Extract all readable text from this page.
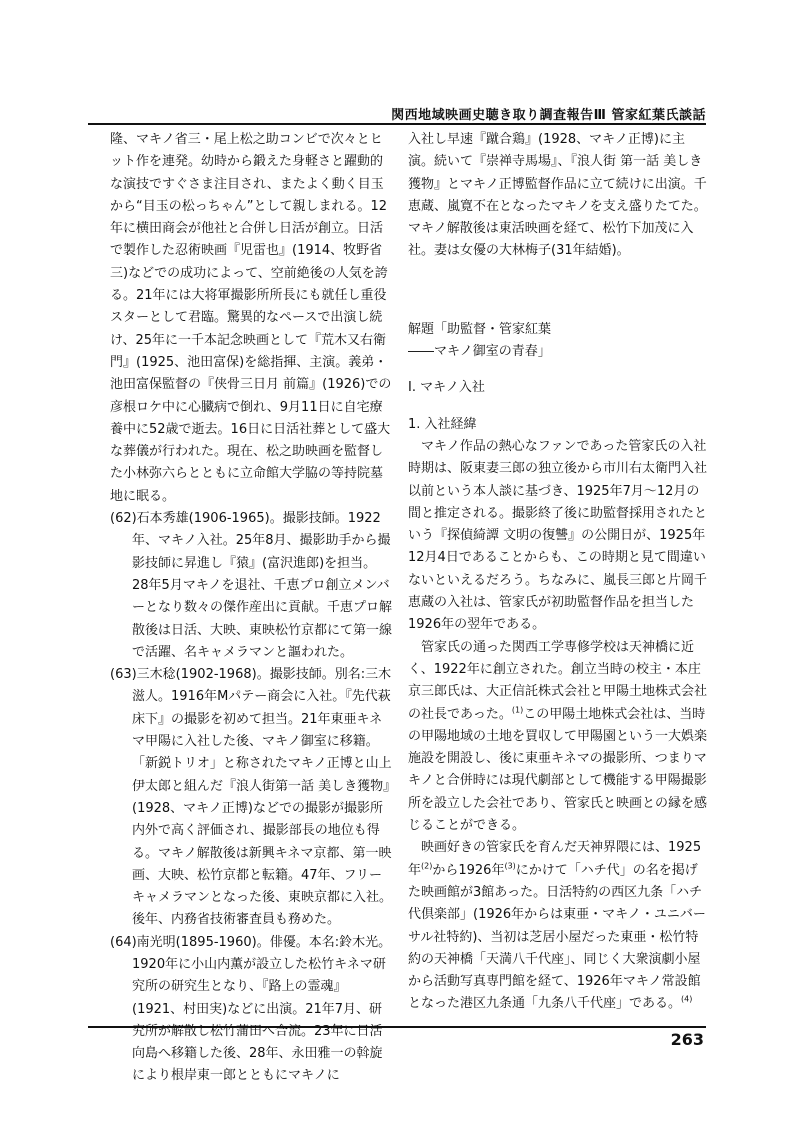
関西地域映画史聴き取り調査報告Ⅲ 管家紅葉氏談話

隆、マキノ省三・尾上松之助コンビで次々とヒット作を連発。幼時から鍛えた身軽さと躍動的な演技ですぐさま注目され、またよく動く目玉から“目玉の松っちゃん”として親しまれる。12年に横田商会が他社と合併し日活が創立。日活で製作した忍術映画『児雷也』(1914、牧野省三)などでの成功によって、空前絶後の人気を誇る。21年には大将軍撮影所所長にも就任し重役スターとして君臨。驚異的なペースで出演し続け、25年に一千本記念映画として『荒木又右衛門』(1925、池田富保)を総指揮、主演。義弟・池田富保監督の『侠骨三日月 前篇』(1926)での彦根ロケ中に心臓病で倒れ、9月11日に自宅療養中に52歳で逝去。16日に日活社葬として盛大な葬儀が行われた。現在、松之助映画を監督した小林弥六らとともに立命館大学脇の等持院墓地に眠る。

(62)石本秀雄(1906-1965)。撮影技師。1922年、マキノ入社。25年8月、撮影助手から撮影技師に昇進し『猿』(富沢進郎)を担当。28年5月マキノを退社、千恵プロ創立メンバーとなり数々の傑作産出に貢献。千恵プロ解散後は日活、大映、東映松竹京都にて第一線で活躍、名キャメラマンと謳われた。

(63)三木稔(1902-1968)。撮影技師。別名:三木滋人。1916年Mパテー商会に入社。『先代萩床下』の撮影を初めて担当。21年東亜キネマ甲陽に入社した後、マキノ御室に移籍。「新鋭トリオ」と称されたマキノ正博と山上伊太郎と組んだ『浪人街第一話 美しき獲物』(1928、マキノ正博)などでの撮影が撮影所内外で高く評価され、撮影部長の地位も得る。マキノ解散後は新興キネマ京都、第一映画、大映、松竹京都と転籍。47年、フリーキャメラマンとなった後、東映京都に入社。後年、内務省技術審査員も務めた。

(64)南光明(1895-1960)。俳優。本名:鈴木光。1920年に小山内薫が設立した松竹キネマ研究所の研究生となり、『路上の霊魂』(1921、村田実)などに出演。21年7月、研究所が解散し松竹蒲田へ合流。23年に日活向島へ移籍した後、28年、永田雅一の斡旋により根岸東一郎とともにマキノに

入社し早速『蹴合鶏』(1928、マキノ正博)に主演。続いて『崇禅寺馬場』、『浪人街 第一話 美しき獲物』とマキノ正博監督作品に立て続けに出演。千恵蔵、嵐寛不在となったマキノを支え盛りたてた。マキノ解散後は東活映画を経て、松竹下加茂に入社。妻は女優の大林梅子(31年結婚)。

解題「助監督・管家紅葉

――マキノ御室の青春」

Ⅰ. マキノ入社

1. 入社経緯

マキノ作品の熱心なファンであった管家氏の入社時期は、阪東妻三郎の独立後から市川右太衛門入社以前という本人談に基づき、1925年7月～12月の間と推定される。撮影終了後に助監督採用されたという『探偵綺譚 文明の復讐』の公開日が、1925年12月4日であることからも、この時期と見て間違いないといえるだろう。ちなみに、嵐長三郎と片岡千恵蔵の入社は、管家氏が初助監督作品を担当した1926年の翌年である。

管家氏の通った関西工学専修学校は天神橋に近く、1922年に創立された。創立当時の校主・本庄京三郎氏は、大正信託株式会社と甲陽土地株式会社の社長であった。$^{(1)}$この甲陽土地株式会社は、当時の甲陽地域の土地を買収して甲陽園という一大娯楽施設を開設し、後に東亜キネマの撮影所、つまりマキノと合併時には現代劇部として機能する甲陽撮影所を設立した会社であり、管家氏と映画との縁を感じることができる。

映画好きの管家氏を育んだ天神界隈には、1925年$^{(2)}$から1926年$^{(3)}$にかけて「ハチ代」の名を掲げた映画館が3館あった。日活特約の西区九条「ハチ代倶楽部」(1926年からは東亜・マキノ・ユニバーサル社特約)、当初は芝居小屋だった東亜・松竹特約の天神橋「天満八千代座」、同じく大衆演劇小屋から活動写真専門館を経て、1926年マキノ常設館となった港区九条通「九条八千代座」である。$^{(4)}$

263
